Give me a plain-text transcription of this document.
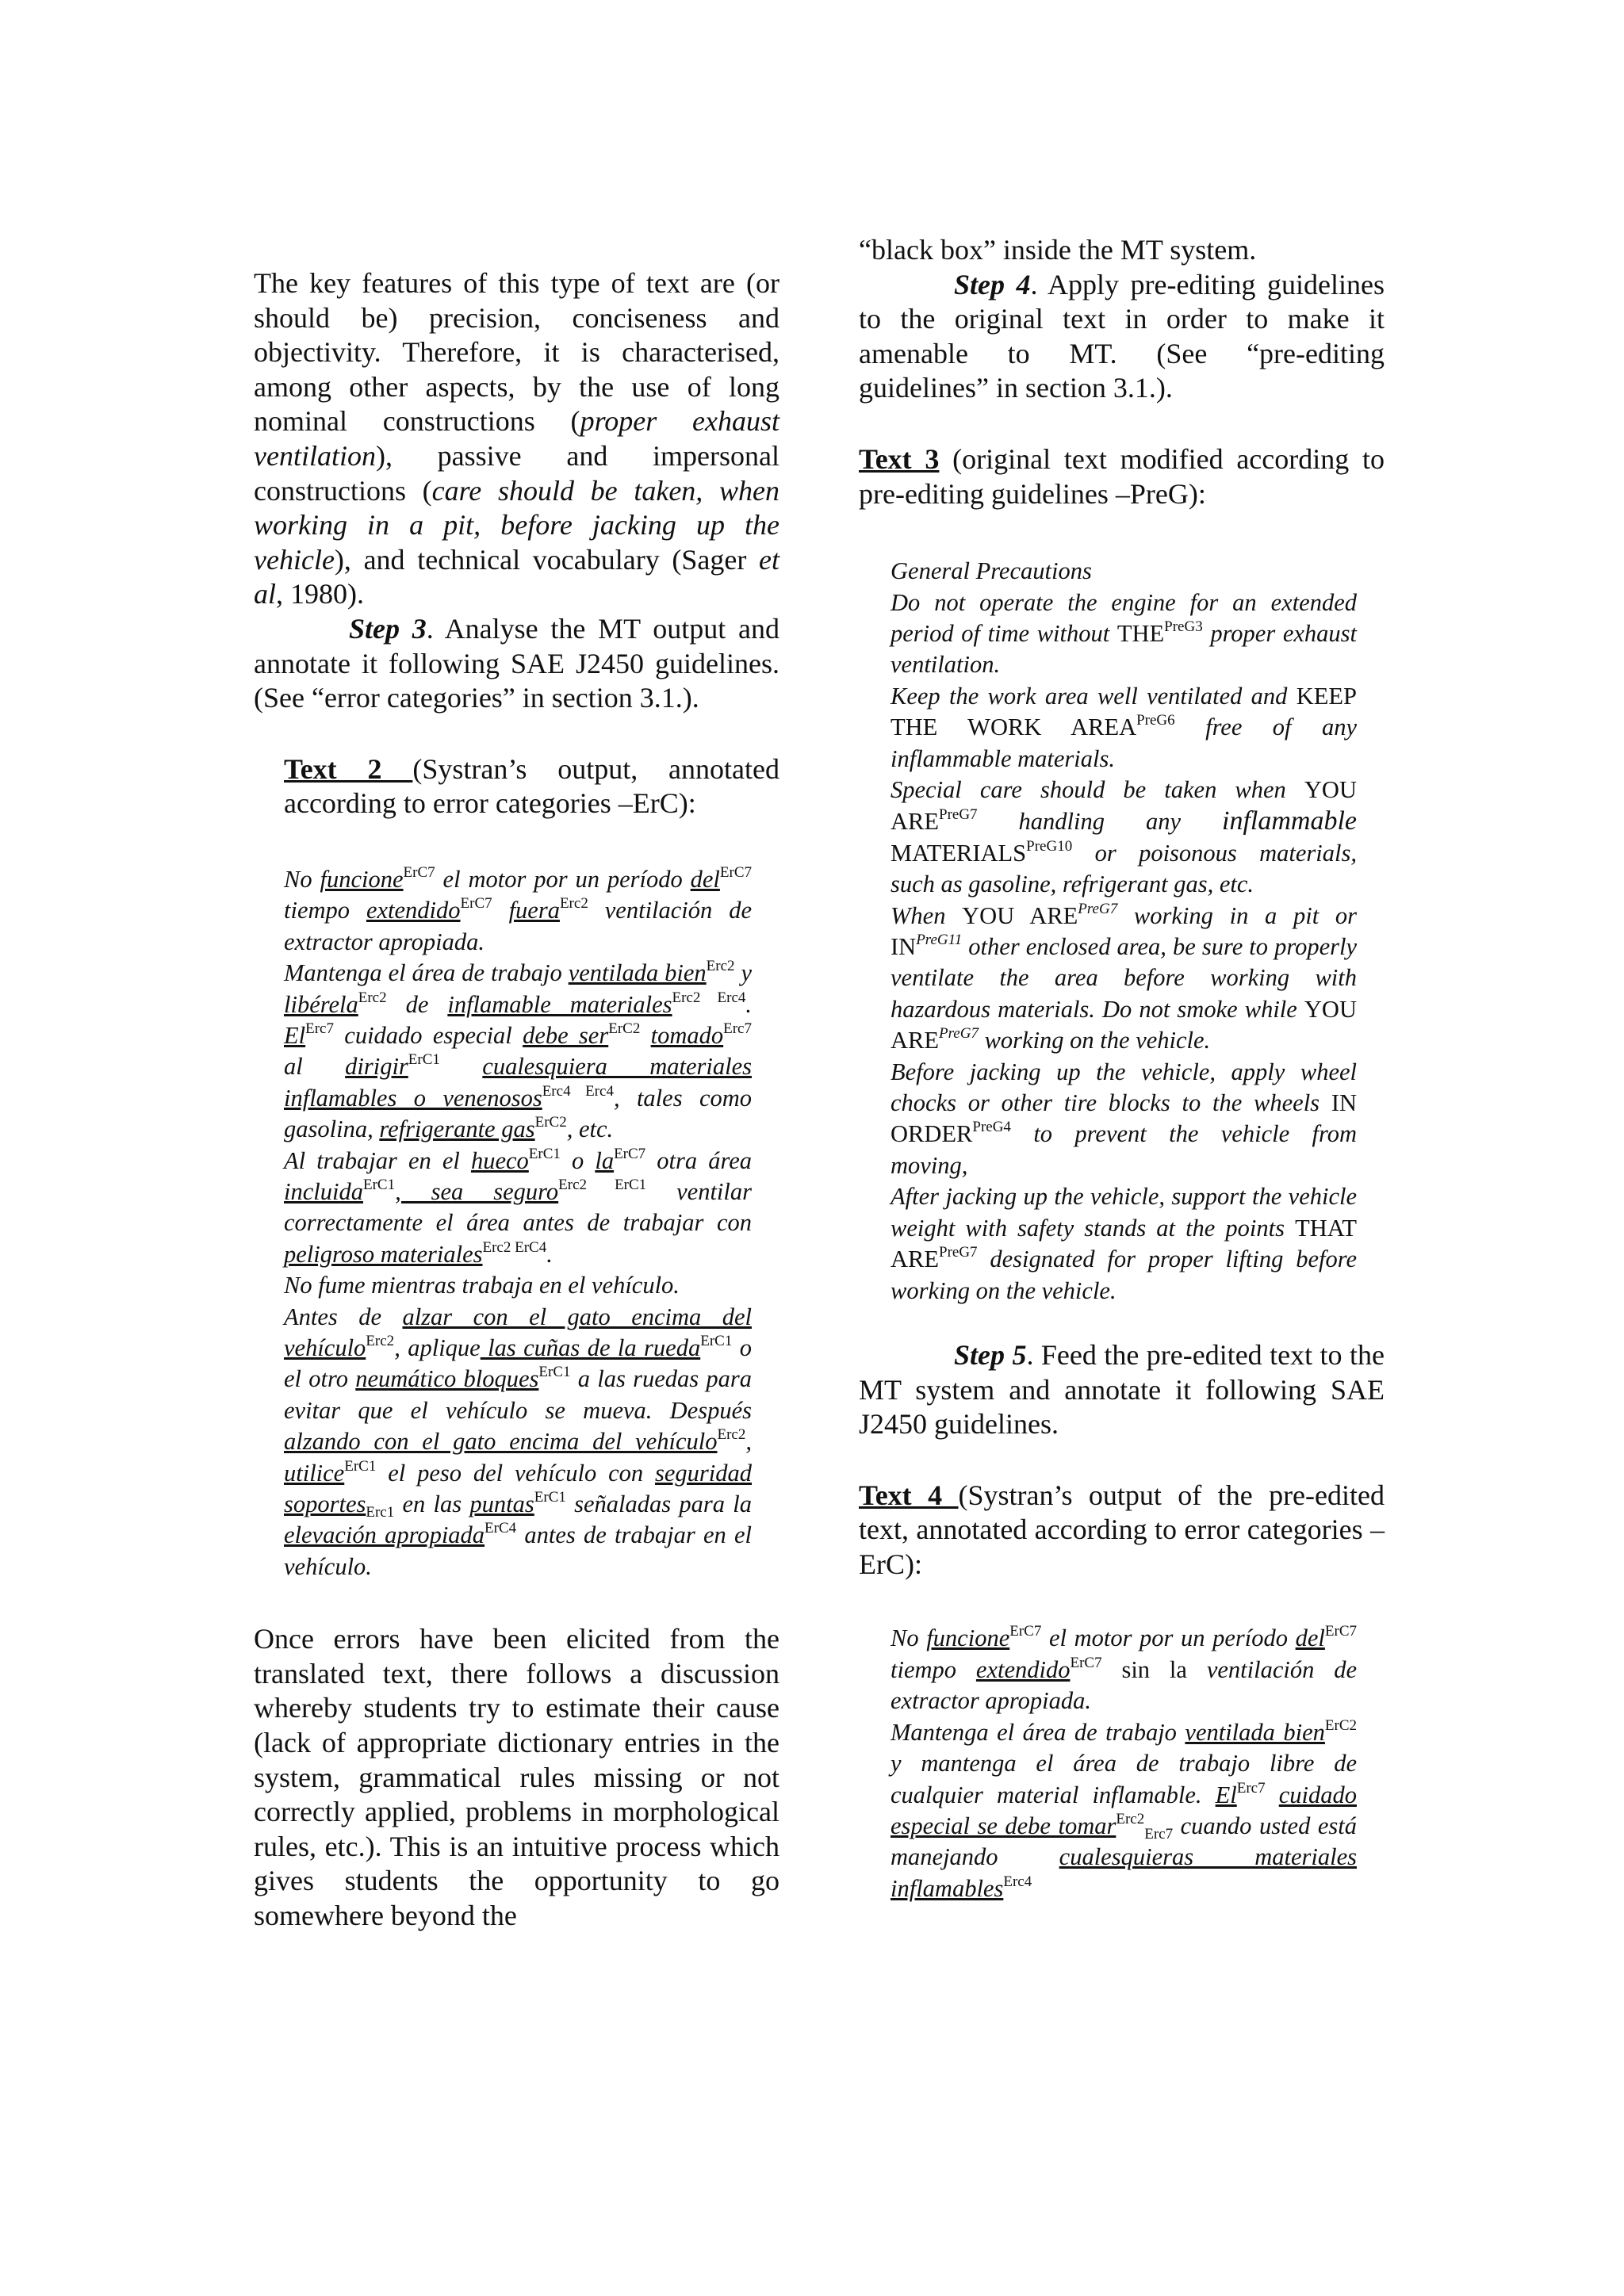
The key features of this type of text are (or should be) precision, conciseness and objectivity. Therefore, it is characterised, among other aspects, by the use of long nominal constructions (proper exhaust ventilation), passive and impersonal constructions (care should be taken, when working in a pit, before jacking up the vehicle), and technical vocabulary (Sager et al, 1980).

Step 3. Analyse the MT output and annotate it following SAE J2450 guidelines. (See “error categories” in section 3.1.).

Text 2 (Systran’s output, annotated according to error categories –ErC):

No funcione$^{ErC7}$ el motor por un período del$^{ErC7}$ tiempo extendido$^{ErC7}$ fuera$^{Erc2}$ ventilación de extractor apropiada.
Mantenga el área de trabajo ventilada bien$^{Erc2}$ y libérela$^{Erc2}$ de inflamable materiales$^{Erc2 Erc4}$. $El^{Erc7}$ cuidado especial debe ser$^{ErC2}$ tomado$^{Erc7}$ al dirigir$^{ErC1}$ cualesquiera materiales inflamables o venenosos$^{Erc4 Erc4}$, tales como gasolina, refrigerante gas$^{ErC2}$, etc.
Al trabajar en el hueco$^{ErC1}$ o $la^{ErC7}$ otra área incluida$^{ErC1}$, sea seguro$^{Erc2 ErC1}$ ventilar correctamente el área antes de trabajar con peligroso materiales$^{Erc2 ErC4}$.
No fume mientras trabaja en el vehículo.
Antes de alzar con el gato encima del vehículo$^{Erc2}$, aplique las cuñas de la rueda$^{ErC1}$ o el otro neumático bloques$^{ErC1}$ a las ruedas para evitar que el vehículo se mueva. Después alzando con el gato encima del vehículo$^{Erc2}$, utilice$^{ErC1}$ el peso del vehículo con seguridad soportes$_{Erc1}$ en las puntas$^{ErC1}$ señaladas para la elevación apropiada$^{ErC4}$ antes de trabajar en el vehículo.

Once errors have been elicited from the translated text, there follows a discussion whereby students try to estimate their cause (lack of appropriate dictionary entries in the system, grammatical rules missing or not correctly applied, problems in morphological rules, etc.). This is an intuitive process which gives students the opportunity to go somewhere beyond the

“black box” inside the MT system.

Step 4. Apply pre-editing guidelines to the original text in order to make it amenable to MT. (See “pre-editing guidelines” in section 3.1.).

Text 3 (original text modified according to pre-editing guidelines –PreG):

General Precautions
Do not operate the engine for an extended period of time without $THE^{PreG3}$ proper exhaust ventilation.
Keep the work area well ventilated and KEEP THE WORK $AREA^{PreG6}$ free of any inflammable materials.
Special care should be taken when YOU $ARE^{PreG7}$ handling any inflammable $MATERIALS^{PreG10}$ or poisonous materials, such as gasoline, refrigerant gas, etc.
When YOU $ARE^{PreG7}$ working in a pit or $IN^{PreG11}$ other enclosed area, be sure to properly ventilate the area before working with hazardous materials. Do not smoke while YOU $ARE^{PreG7}$ working on the vehicle.
Before jacking up the vehicle, apply wheel chocks or other tire blocks to the wheels IN $ORDER^{PreG4}$ to prevent the vehicle from moving,
After jacking up the vehicle, support the vehicle weight with safety stands at the points THAT $ARE^{PreG7}$ designated for proper lifting before working on the vehicle.

Step 5. Feed the pre-edited text to the MT system and annotate it following SAE J2450 guidelines.

Text 4 (Systran’s output of the pre-edited text, annotated according to error categories –ErC):

No funcione$^{ErC7}$ el motor por un período del$^{ErC7}$ tiempo extendido$^{ErC7}$ sin la ventilación de extractor apropiada.
Mantenga el área de trabajo ventilada bien$^{ErC2}$ y mantenga el área de trabajo libre de cualquier material inflamable. $El^{Erc7}$ cuidado especial se debe tomar$^{Erc2}_{Erc7}$ cuando usted está manejando cualesquieras materiales inflamables$^{Erc4}$
